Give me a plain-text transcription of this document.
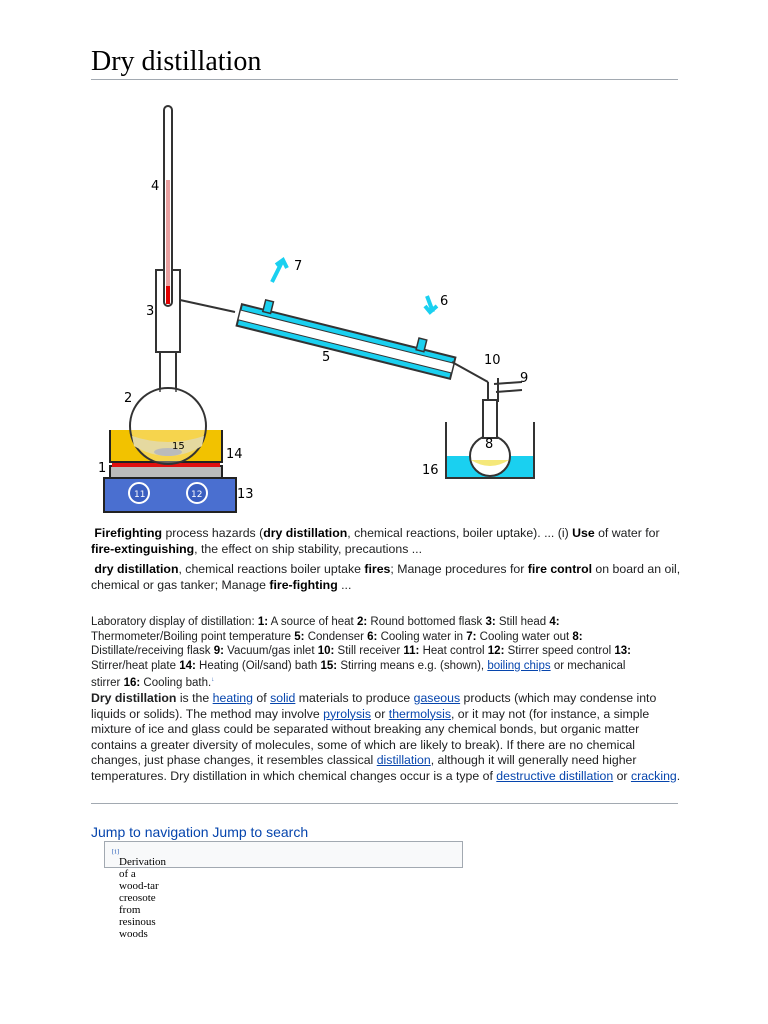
Dry distillation
1
2
3
4
5
6
7
8
9
10
11	12	13
14
15
16

Firefighting process hazards (dry distillation, chemical reactions, boiler uptake). ... (i) Use of water for fire-extinguishing, the effect on ship stability, precautions ...

dry distillation, chemical reactions boiler uptake fires; Manage procedures for fire control on board an oil, chemical or gas tanker; Manage fire-fighting ...

Laboratory display of distillation: 1: A source of heat 2: Round bottomed flask 3: Still head 4: Thermometer/Boiling point temperature 5: Condenser 6: Cooling water in 7: Cooling water out 8: Distillate/receiving flask 9: Vacuum/gas inlet 10: Still receiver 11: Heat control 12: Stirrer speed control 13: Stirrer/heat plate 14: Heating (Oil/sand) bath 15: Stirring means e.g. (shown), boiling chips or mechanical stirrer 16: Cooling bath.↓

Dry distillation is the heating of solid materials to produce gaseous products (which may condense into liquids or solids). The method may involve pyrolysis or thermolysis, or it may not (for instance, a simple mixture of ice and glass could be separated without breaking any chemical bonds, but organic matter contains a greater diversity of molecules, some of which are likely to break). If there are no chemical changes, just phase changes, it resembles classical distillation, although it will generally need higher temperatures. Dry distillation in which chemical changes occur is a type of destructive distillation or cracking.

Jump to navigation Jump to search
Derivation of a wood-tar creosote from resinous woods
[1]
